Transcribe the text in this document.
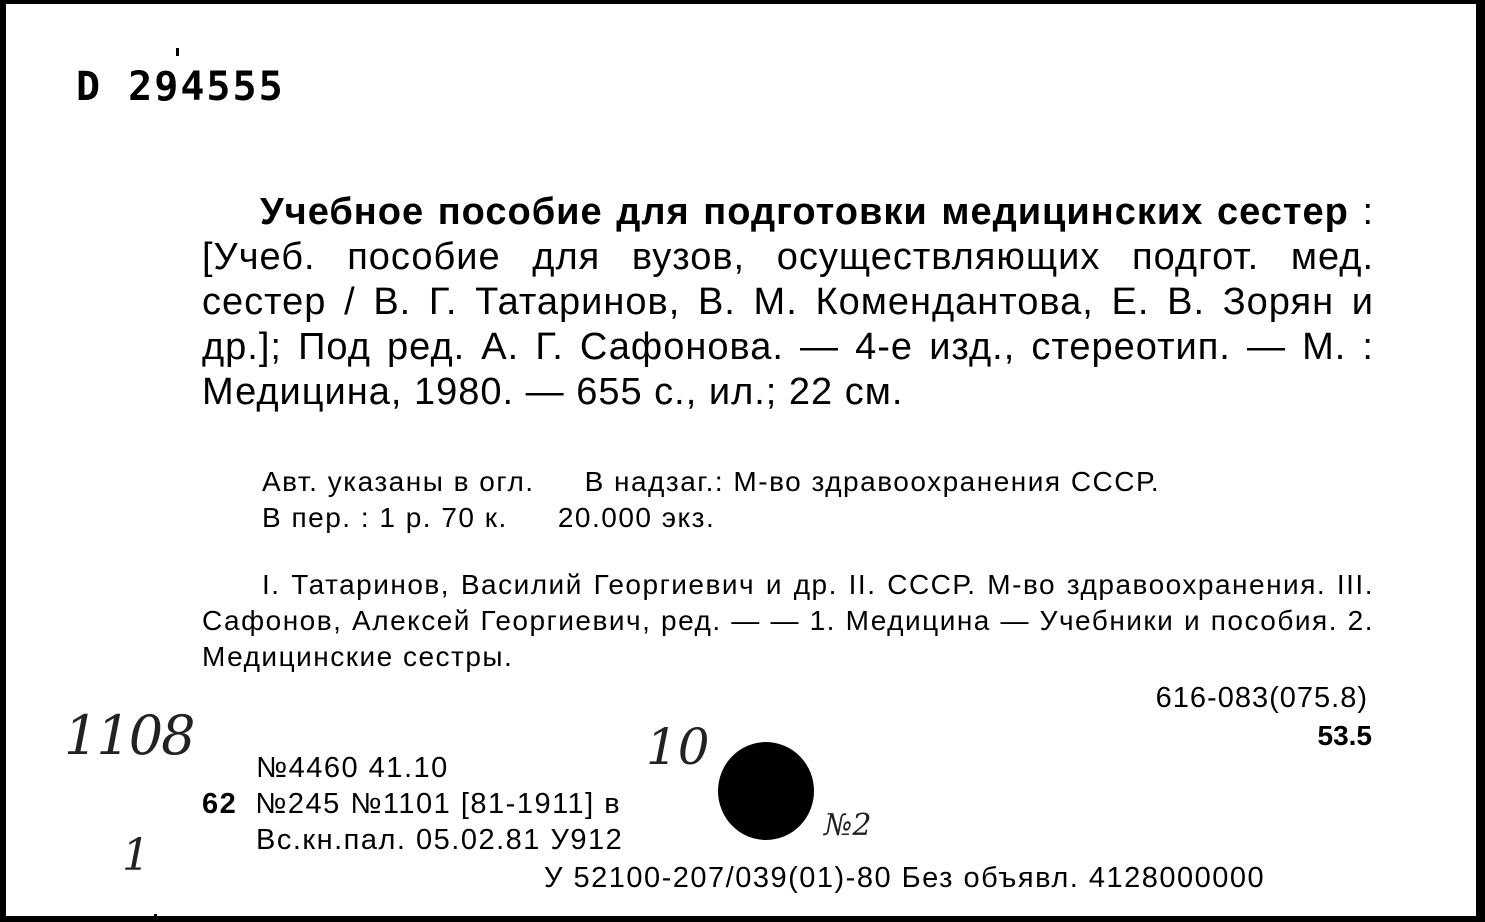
D 294555
Учебное пособие для подготовки медицинских сестер : [Учеб. пособие для вузов, осуществляющих подгот. мед. сестер / В. Г. Татаринов, В. М. Комендантова, Е. В. Зорян и др.]; Под ред. А. Г. Сафонова. — 4-е изд., стереотип. — М. : Медицина, 1980. — 655 с., ил.; 22 см.
Авт. указаны в огл. В надзаг.: М-во здравоохранения СССР.
В пер. : 1 р. 70 к. 20.000 экз.
I. Татаринов, Василий Георгиевич и др. II. СССР. М-во здравоохранения. III. Сафонов, Алексей Георгиевич, ред. — — 1. Медицина — Учебники и пособия. 2. Медицинские сестры.
616-083(075.8)
53.5
№4460 41.10
62 №245 №1101 [81-1911] в
Вс.кн.пал. 05.02.81 У912
У 52100-207/039(01)-80 Без объявл. 4128000000
1108	10
1
№2
